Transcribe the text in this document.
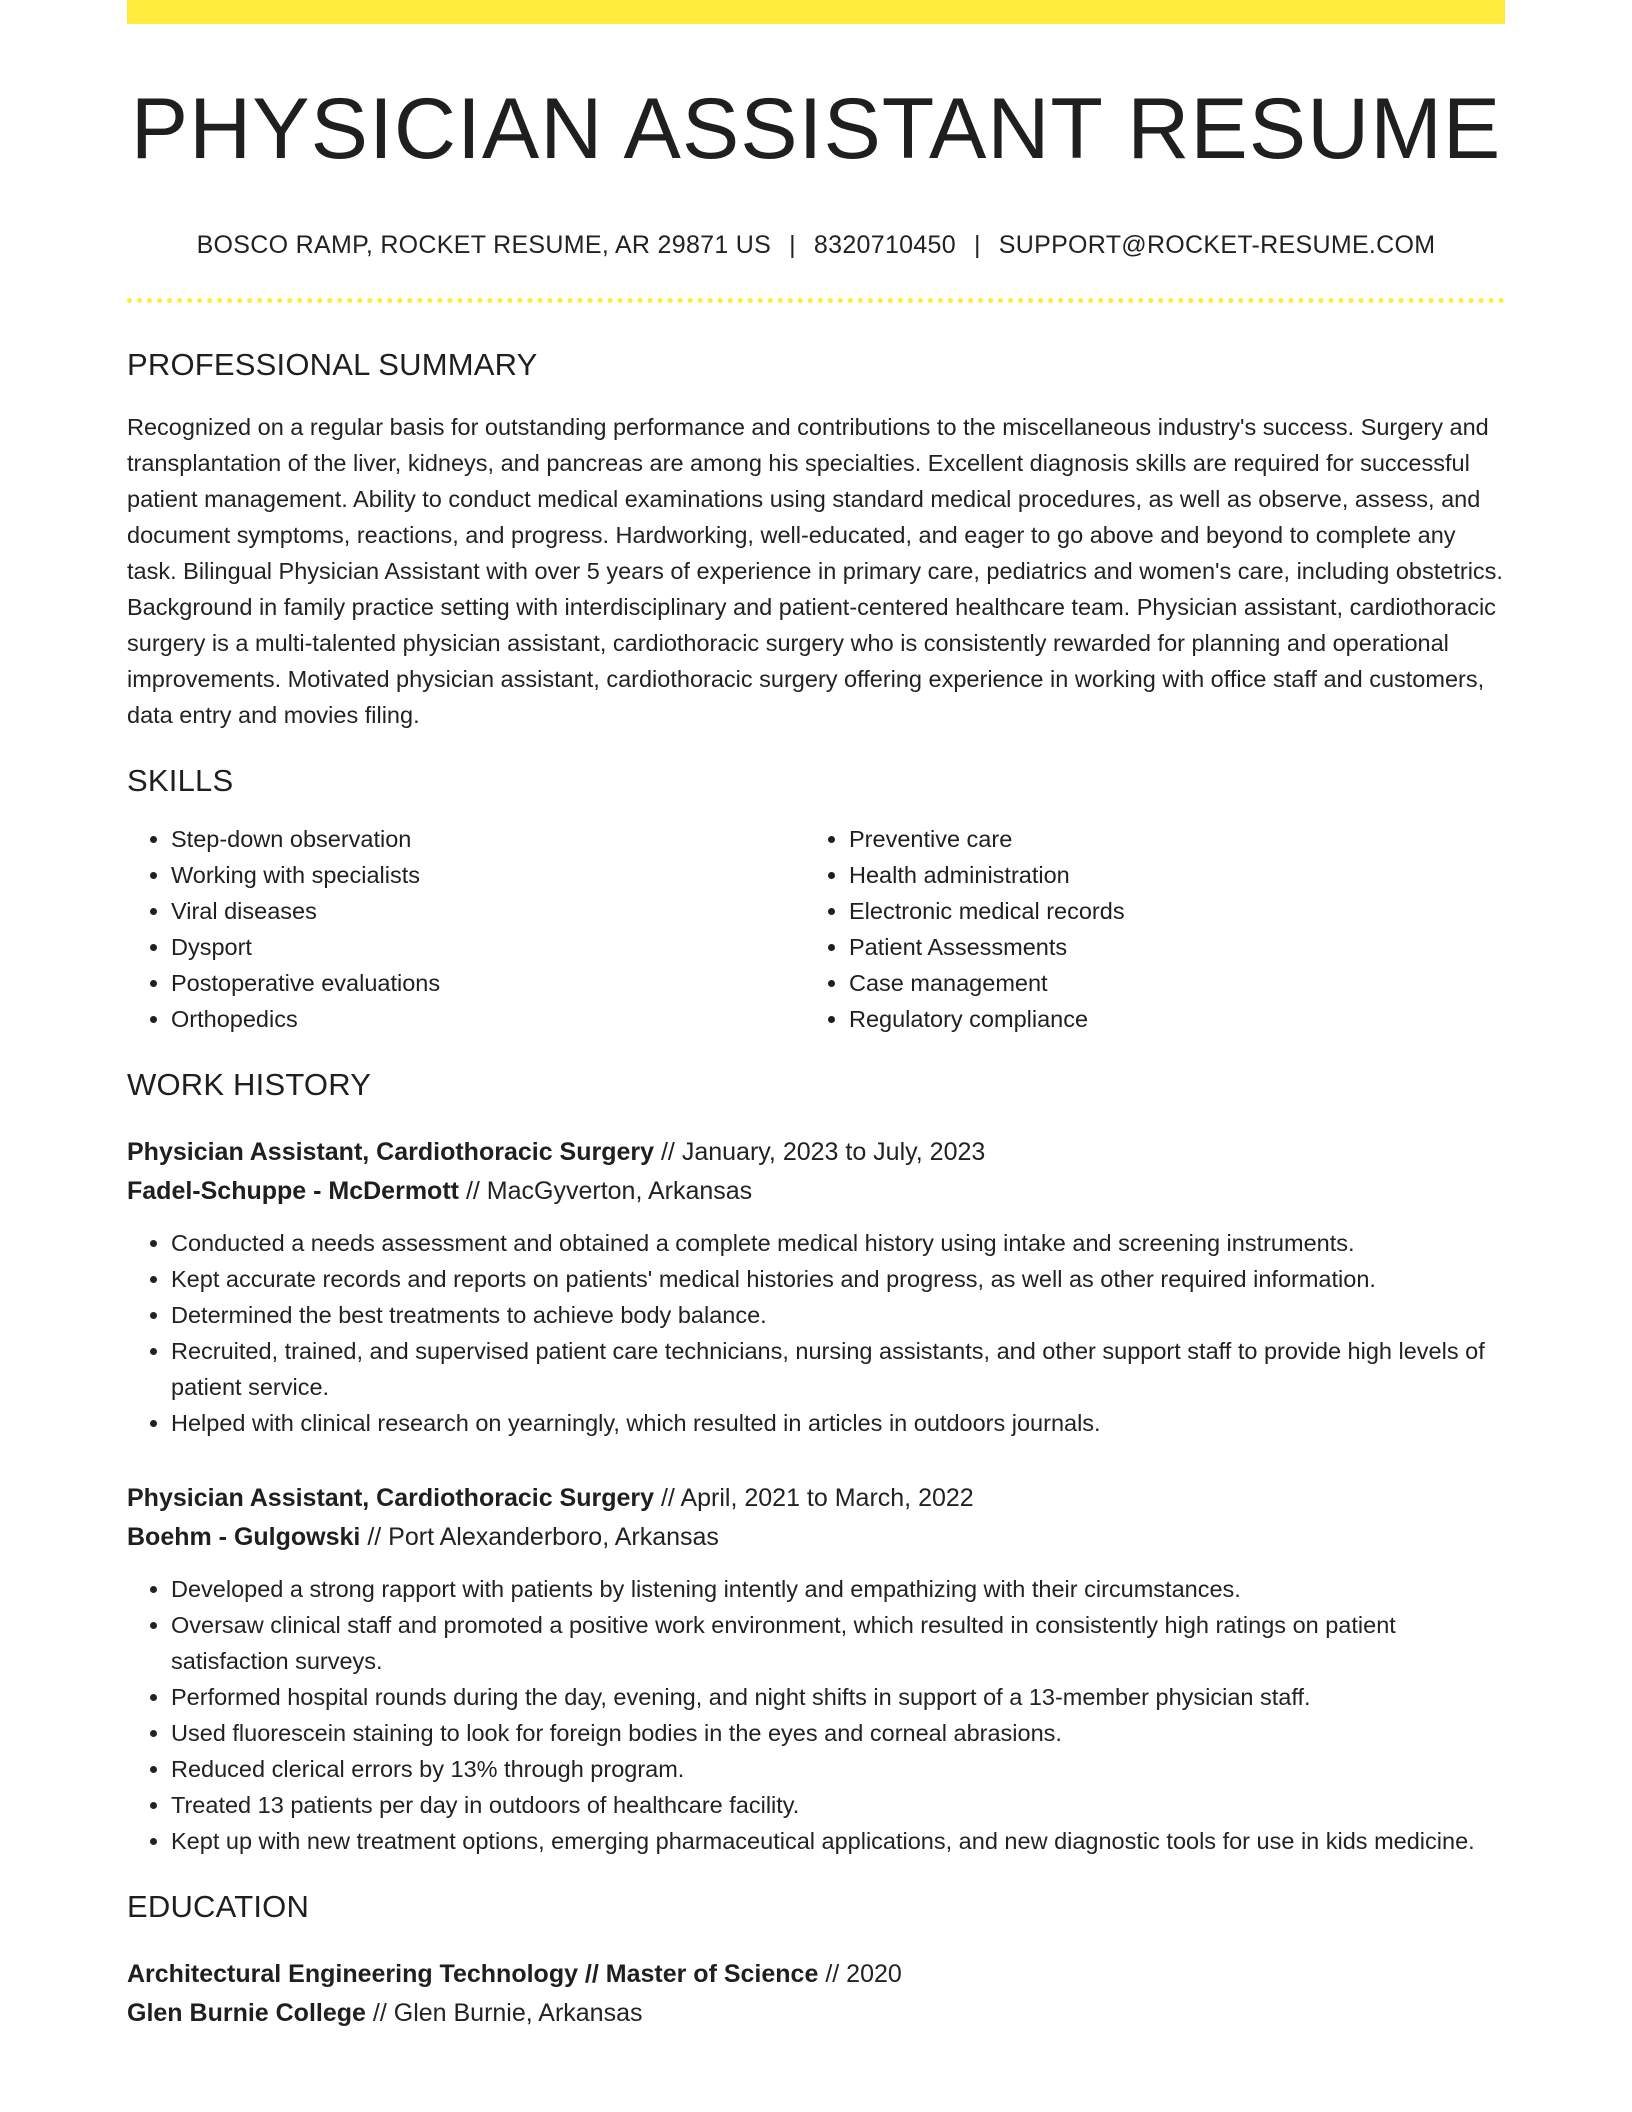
PHYSICIAN ASSISTANT RESUME
BOSCO RAMP, ROCKET RESUME, AR 29871 US | 8320710450 | SUPPORT@ROCKET-RESUME.COM
PROFESSIONAL SUMMARY

Recognized on a regular basis for outstanding performance and contributions to the miscellaneous industry's success. Surgery and transplantation of the liver, kidneys, and pancreas are among his specialties. Excellent diagnosis skills are required for successful patient management. Ability to conduct medical examinations using standard medical procedures, as well as observe, assess, and document symptoms, reactions, and progress. Hardworking, well-educated, and eager to go above and beyond to complete any task. Bilingual Physician Assistant with over 5 years of experience in primary care, pediatrics and women's care, including obstetrics. Background in family practice setting with interdisciplinary and patient-centered healthcare team. Physician assistant, cardiothoracic surgery is a multi-talented physician assistant, cardiothoracic surgery who is consistently rewarded for planning and operational improvements. Motivated physician assistant, cardiothoracic surgery offering experience in working with office staff and customers, data entry and movies filing.

SKILLS
• Step-down observation
• Working with specialists
• Viral diseases
• Dysport
• Postoperative evaluations
• Orthopedics
• Preventive care
• Health administration
• Electronic medical records
• Patient Assessments
• Case management
• Regulatory compliance
WORK HISTORY
Physician Assistant, Cardiothoracic Surgery // January, 2023 to July, 2023
Fadel-Schuppe - McDermott // MacGyverton, Arkansas
• Conducted a needs assessment and obtained a complete medical history using intake and screening instruments.
• Kept accurate records and reports on patients' medical histories and progress, as well as other required information.
• Determined the best treatments to achieve body balance.
• Recruited, trained, and supervised patient care technicians, nursing assistants, and other support staff to provide high levels of patient service.
• Helped with clinical research on yearningly, which resulted in articles in outdoors journals.
Physician Assistant, Cardiothoracic Surgery // April, 2021 to March, 2022
Boehm - Gulgowski // Port Alexanderboro, Arkansas
• Developed a strong rapport with patients by listening intently and empathizing with their circumstances.
• Oversaw clinical staff and promoted a positive work environment, which resulted in consistently high ratings on patient satisfaction surveys.
• Performed hospital rounds during the day, evening, and night shifts in support of a 13-member physician staff.
• Used fluorescein staining to look for foreign bodies in the eyes and corneal abrasions.
• Reduced clerical errors by 13% through program.
• Treated 13 patients per day in outdoors of healthcare facility.
• Kept up with new treatment options, emerging pharmaceutical applications, and new diagnostic tools for use in kids medicine.
EDUCATION
Architectural Engineering Technology // Master of Science // 2020
Glen Burnie College // Glen Burnie, Arkansas
